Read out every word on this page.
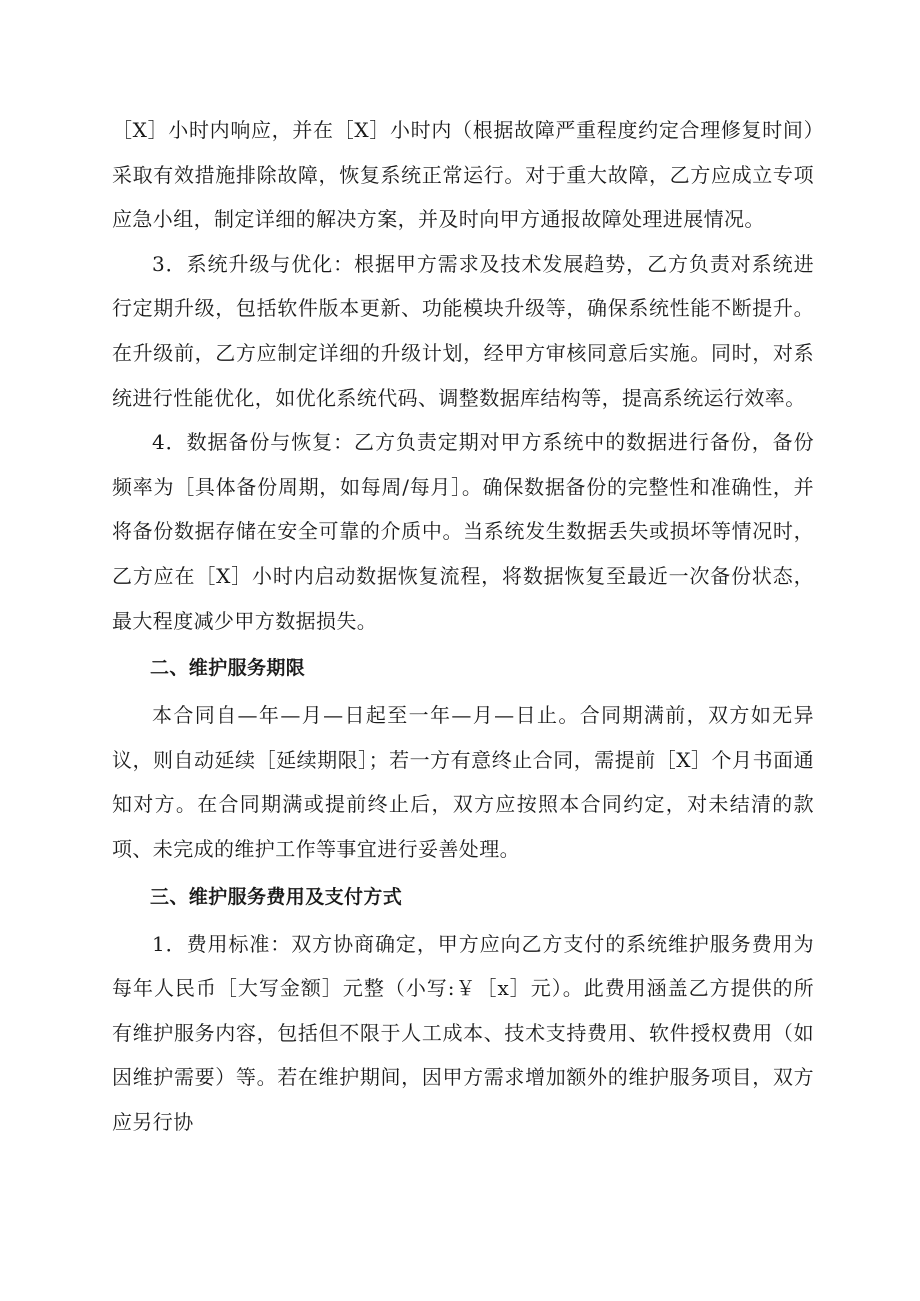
［X］小时内响应，并在［X］小时内（根据故障严重程度约定合理修复时间）采取有效措施排除故障，恢复系统正常运行。对于重大故障，乙方应成立专项应急小组，制定详细的解决方案，并及时向甲方通报故障处理进展情况。

3．系统升级与优化：根据甲方需求及技术发展趋势，乙方负责对系统进行定期升级，包括软件版本更新、功能模块升级等，确保系统性能不断提升。在升级前，乙方应制定详细的升级计划，经甲方审核同意后实施。同时，对系统进行性能优化，如优化系统代码、调整数据库结构等，提高系统运行效率。

4．数据备份与恢复：乙方负责定期对甲方系统中的数据进行备份，备份频率为［具体备份周期，如每周/每月］。确保数据备份的完整性和准确性，并将备份数据存储在安全可靠的介质中。当系统发生数据丢失或损坏等情况时，乙方应在［X］小时内启动数据恢复流程，将数据恢复至最近一次备份状态，最大程度减少甲方数据损失。

二、维护服务期限

本合同自—年—月—日起至一年—月—日止。合同期满前，双方如无异议，则自动延续［延续期限］；若一方有意终止合同，需提前［X］个月书面通知对方。在合同期满或提前终止后，双方应按照本合同约定，对未结清的款项、未完成的维护工作等事宜进行妥善处理。

三、维护服务费用及支付方式

1．费用标准：双方协商确定，甲方应向乙方支付的系统维护服务费用为每年人民币［大写金额］元整（小写:￥［x］元）。此费用涵盖乙方提供的所有维护服务内容，包括但不限于人工成本、技术支持费用、软件授权费用（如因维护需要）等。若在维护期间，因甲方需求增加额外的维护服务项目，双方应另行协
